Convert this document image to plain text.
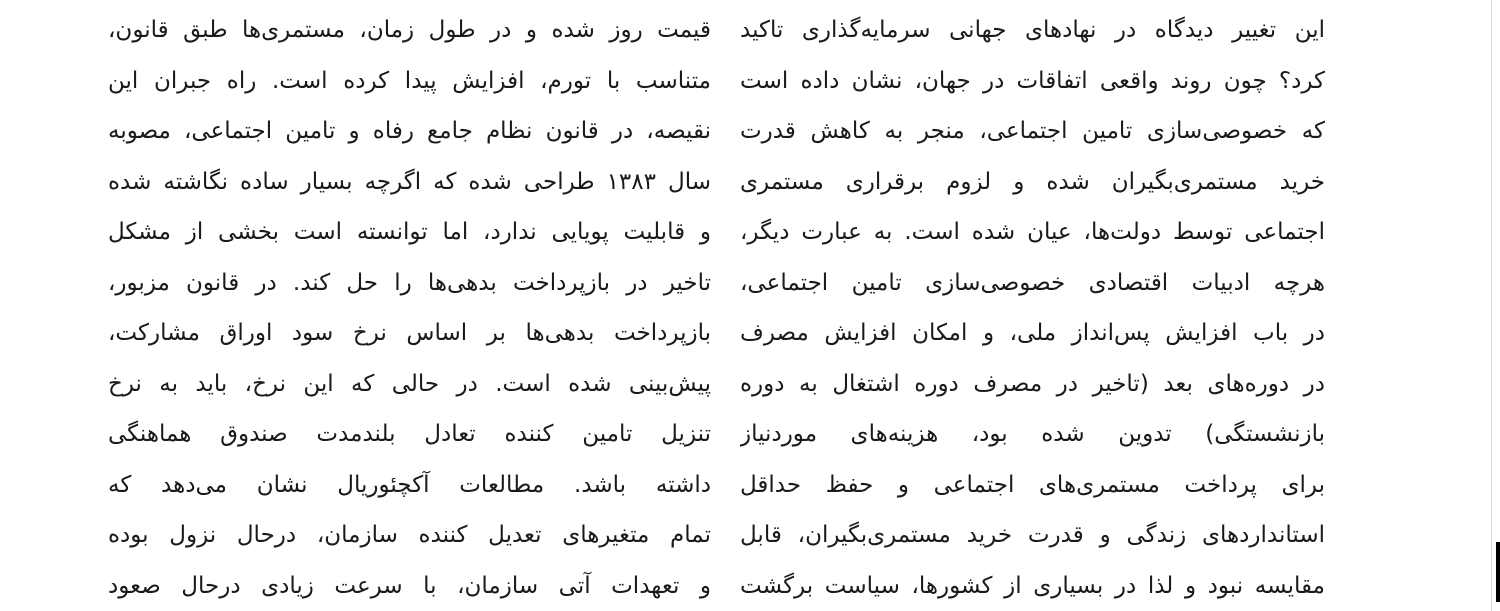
این تغییر دیدگاه در نهادهای جهانی سرمایه‌گذاری تاکید
کرد؟ چون روند واقعی اتفاقات در جهان، نشان داده است
که خصوصی‌سازی تامین اجتماعی، منجر به کاهش قدرت
خرید مستمری‌بگیران شده و لزوم برقراری مستمری
اجتماعی توسط دولت‌ها، عیان شده است. به عبارت دیگر،
هرچه ادبیات اقتصادی خصوصی‌سازی تامین اجتماعی،
در باب افزایش پس‌انداز ملی، و امکان افزایش مصرف
در دوره‌های بعد (تاخیر در مصرف دوره اشتغال به دوره
بازنشستگی) تدوین شده بود، هزینه‌های موردنیاز
برای پرداخت مستمری‌های اجتماعی و حفظ حداقل
استانداردهای زندگی و قدرت خرید مستمری‌بگیران، قابل
مقایسه نبود و لذا در بسیاری از کشورها، سیاست برگشت
قیمت روز شده و در طول زمان، مستمری‌ها طبق قانون،
متناسب با تورم، افزایش پیدا کرده است. راه جبران این
نقیصه، در قانون نظام جامع رفاه و تامین اجتماعی، مصوبه
سال ۱۳۸۳ طراحی شده که اگرچه بسیار ساده نگاشته شده
و قابلیت پویایی ندارد، اما توانسته است بخشی از مشکل
تاخیر در بازپرداخت بدهی‌ها را حل کند. در قانون مزبور،
بازپرداخت بدهی‌ها بر اساس نرخ سود اوراق مشارکت،
پیش‌بینی شده است. در حالی که این نرخ، باید به نرخ
تنزیل تامین کننده تعادل بلندمدت صندوق هماهنگی
داشته باشد. مطالعات آکچئوریال نشان می‌دهد که
تمام متغیرهای تعدیل کننده سازمان، درحال نزول بوده
و تعهدات آتی سازمان، با سرعت زیادی درحال صعود
